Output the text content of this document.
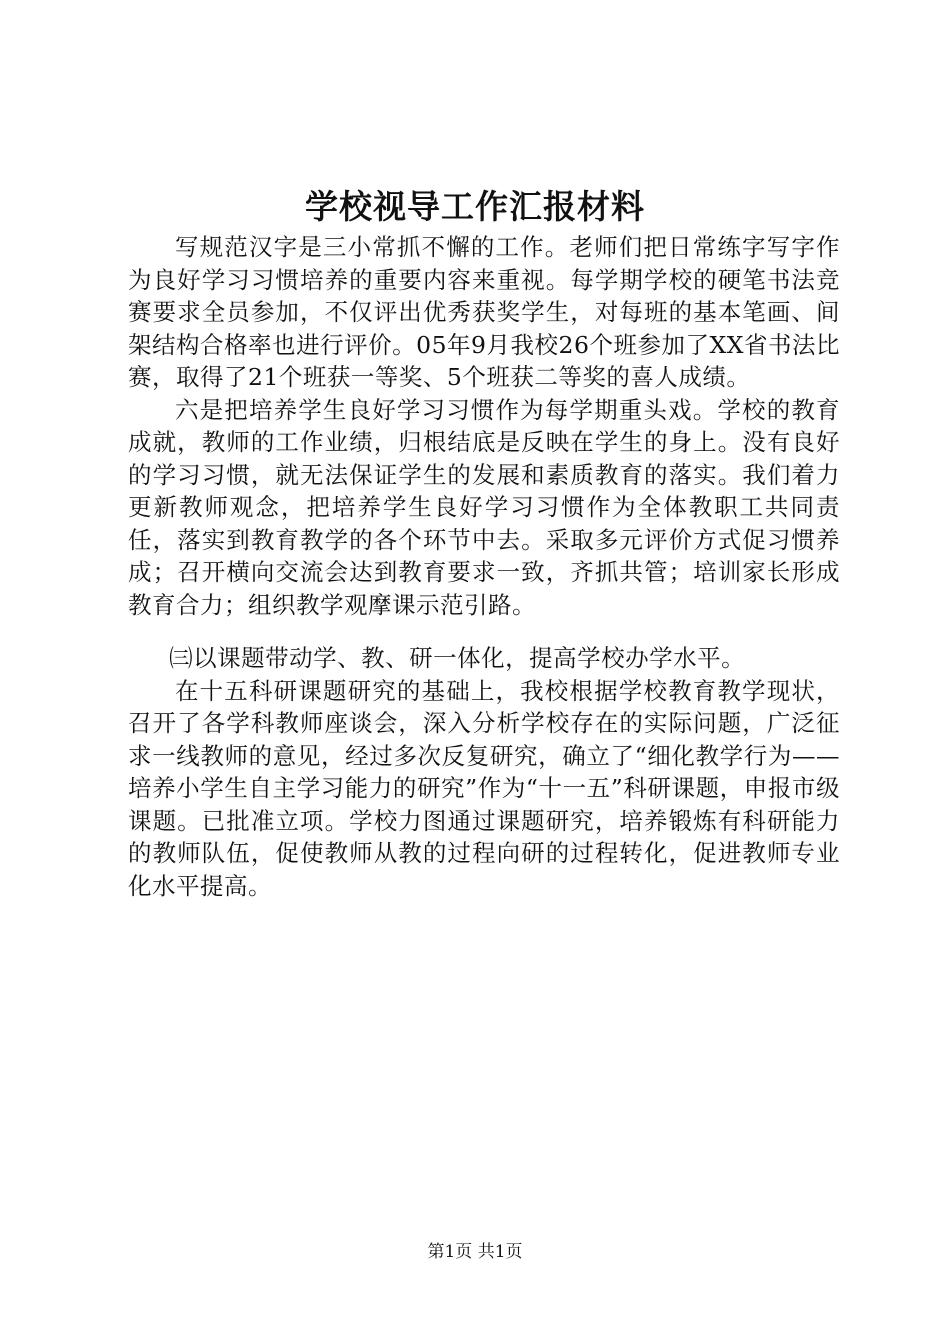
学校视导工作汇报材料

写规范汉字是三小常抓不懈的工作。老师们把日常练字写字作为良好学习习惯培养的重要内容来重视。每学期学校的硬笔书法竞赛要求全员参加，不仅评出优秀获奖学生，对每班的基本笔画、间架结构合格率也进行评价。05年9月我校26个班参加了XX省书法比赛，取得了21个班获一等奖、5个班获二等奖的喜人成绩。

六是把培养学生良好学习习惯作为每学期重头戏。学校的教育成就，教师的工作业绩，归根结底是反映在学生的身上。没有良好的学习习惯，就无法保证学生的发展和素质教育的落实。我们着力更新教师观念，把培养学生良好学习习惯作为全体教职工共同责任，落实到教育教学的各个环节中去。采取多元评价方式促习惯养成；召开横向交流会达到教育要求一致，齐抓共管；培训家长形成教育合力；组织教学观摩课示范引路。

㈢以课题带动学、教、研一体化，提高学校办学水平。

在十五科研课题研究的基础上，我校根据学校教育教学现状，召开了各学科教师座谈会，深入分析学校存在的实际问题，广泛征求一线教师的意见，经过多次反复研究，确立了“细化教学行为——培养小学生自主学习能力的研究”作为“十一五”科研课题，申报市级课题。已批准立项。学校力图通过课题研究，培养锻炼有科研能力的教师队伍，促使教师从教的过程向研的过程转化，促进教师专业化水平提高。

第1页 共1页
